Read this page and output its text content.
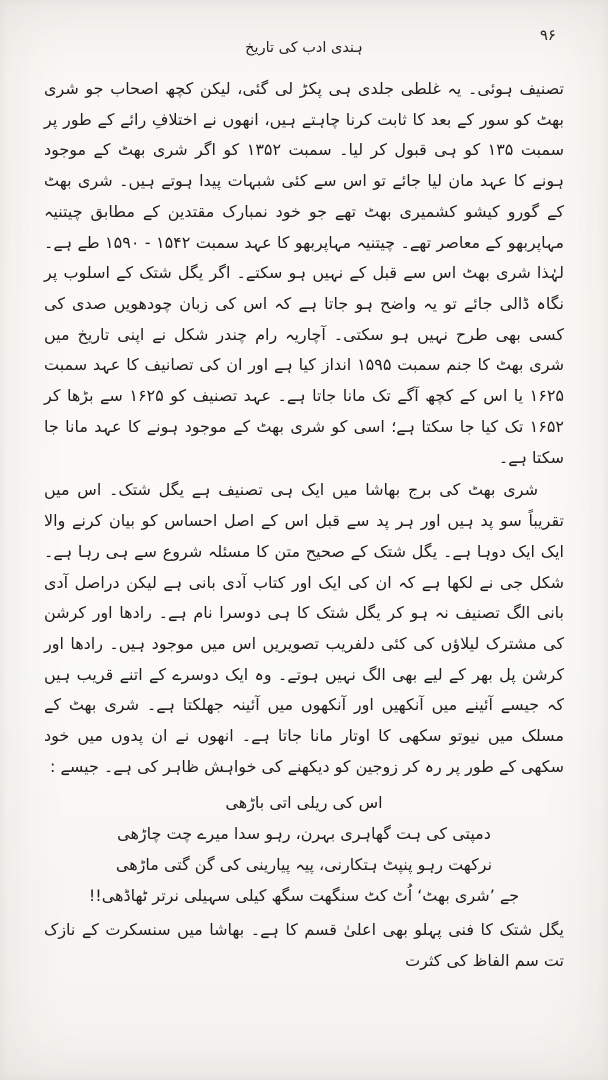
۹۶
ہندی ادب کی تاریخ

تصنیف ہوئی۔ یہ غلطی جلدی ہی پکڑ لی گئی، لیکن کچھ اصحاب جو شری بھٹ کو سور کے بعد کا ثابت کرنا چاہتے ہیں، انھوں نے اختلافِ رائے کے طور پر سمبت ۱۳۵ کو ہی قبول کر لیا۔ سمبت ۱۳۵۲ کو اگر شری بھٹ کے موجود ہونے کا عہد مان لیا جائے تو اس سے کئی شبہات پیدا ہوتے ہیں۔ شری بھٹ کے گورو کیشو کشمیری بھٹ تھے جو خود نمبارک مقتدین کے مطابق چیتنیہ مہاپربھو کے معاصر تھے۔ چیتنیہ مہاپربھو کا عہد سمبت ۱۵۴۲ - ۱۵۹۰ طے ہے۔ لہٰذا شری بھٹ اس سے قبل کے نہیں ہو سکتے۔ اگر یگل شتک کے اسلوب پر نگاہ ڈالی جائے تو یہ واضح ہو جاتا ہے کہ اس کی زبان چودھویں صدی کی کسی بھی طرح نہیں ہو سکتی۔ آچاریہ رام چندر شکل نے اپنی تاریخ میں شری بھٹ کا جنم سمبت ۱۵۹۵ انداز کیا ہے اور ان کی تصانیف کا عہد سمبت ۱۶۲۵ یا اس کے کچھ آگے تک مانا جاتا ہے۔ عہد تصنیف کو ۱۶۲۵ سے بڑھا کر ۱۶۵۲ تک کیا جا سکتا ہے؛ اسی کو شری بھٹ کے موجود ہونے کا عہد مانا جا سکتا ہے۔

شری بھٹ کی برج بھاشا میں ایک ہی تصنیف ہے یگل شتک۔ اس میں تقریباً سو پد ہیں اور ہر پد سے قبل اس کے اصل احساس کو بیان کرنے والا ایک ایک دوہا ہے۔ یگل شتک کے صحیح متن کا مسئلہ شروع سے ہی رہا ہے۔ شکل جی نے لکھا ہے کہ ان کی ایک اور کتاب آدی بانی ہے لیکن دراصل آدی بانی الگ تصنیف نہ ہو کر یگل شتک کا ہی دوسرا نام ہے۔ رادھا اور کرشن کی مشترک لیلاؤں کی کئی دلفریب تصویریں اس میں موجود ہیں۔ رادھا اور کرشن پل بھر کے لیے بھی الگ نہیں ہوتے۔ وہ ایک دوسرے کے اتنے قریب ہیں کہ جیسے آئینے میں آنکھیں اور آنکھوں میں آئینہ جھلکتا ہے۔ شری بھٹ کے مسلک میں نیوتو سکھی کا اوتار مانا جاتا ہے۔ انھوں نے ان پدوں میں خود سکھی کے طور پر رہ کر زوجین کو دیکھنے کی خواہش ظاہر کی ہے۔ جیسے :

اس کی ریلی اتی باڑھی
دمپتی کی ہت گھاہری بہرن، رہو سدا میرے چت چاڑھی
نرکھت رہو پنپٹ ہتکارنی، پیہ پیارینی کی گن گتی ماڑھی
جے ’شری بھٹ‘ اُٹ کٹ سنگھت سگھ کیلی سہیلی نرتر ٹھاڈھی!!

یگل شتک کا فنی پہلو بھی اعلیٰ قسم کا ہے۔ بھاشا میں سنسکرت کے نازک تت سم الفاظ کی کثرت
